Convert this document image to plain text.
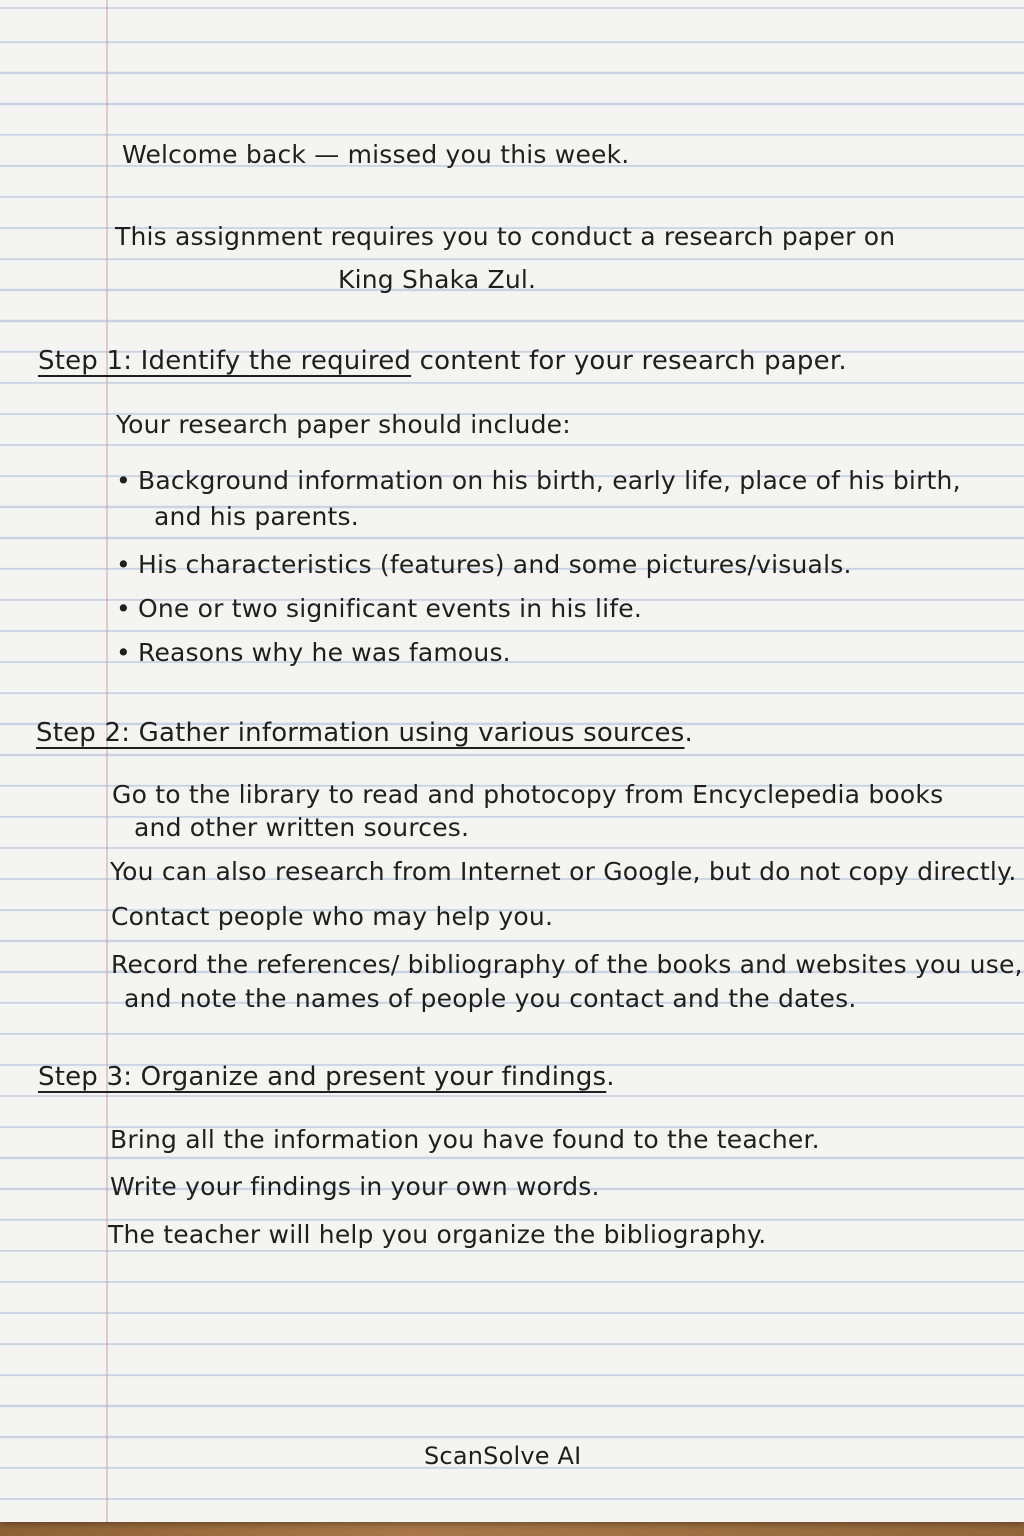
Welcome back — missed you this week.
This assignment requires you to conduct a research paper on
King Shaka Zul.
Step 1: Identify the required content for your research paper.
Your research paper should include:
• Background information on his birth, early life, place of his birth,
and his parents.
• His characteristics (features) and some pictures/visuals.
• One or two significant events in his life.
• Reasons why he was famous.
Step 2: Gather information using various sources.
Go to the library to read and photocopy from Encyclepedia books
and other written sources.
You can also research from Internet or Google, but do not copy directly.
Contact people who may help you.
Record the references/ bibliography of the books and websites you use,
and note the names of people you contact and the dates.
Step 3: Organize and present your findings.
Bring all the information you have found to the teacher.
Write your findings in your own words.
The teacher will help you organize the bibliography.
ScanSolve AI
